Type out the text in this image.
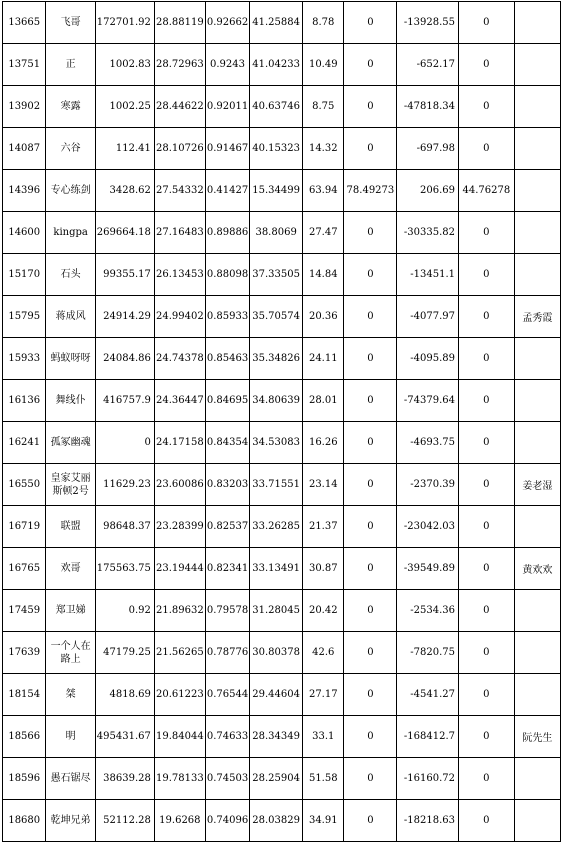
13665	飞哥	172701.92	28.88119	0.92662	41.25884	8.78	0	-13928.55	0	
13751	正	1002.83	28.72963	0.9243	41.04233	10.49	0	-652.17	0	
13902	寒露	1002.25	28.44622	0.92011	40.63746	8.75	0	-47818.34	0	
14087	六谷	112.41	28.10726	0.91467	40.15323	14.32	0	-697.98	0	
14396	专心练剑	3428.62	27.54332	0.41427	15.34499	63.94	78.49273	206.69	44.76278	
14600	kingpa	269664.18	27.16483	0.89886	38.8069	27.47	0	-30335.82	0	
15170	石头	99355.17	26.13453	0.88098	37.33505	14.84	0	-13451.1	0	
15795	蒋成风	24914.29	24.99402	0.85933	35.70574	20.36	0	-4077.97	0	孟秀霞
15933	蚂蚁呀呀	24084.86	24.74378	0.85463	35.34826	24.11	0	-4095.89	0	
16136	舞线仆	416757.9	24.36447	0.84695	34.80639	28.01	0	-74379.64	0	
16241	孤冢幽魂	0	24.17158	0.84354	34.53083	16.26	0	-4693.75	0	
16550	皇家艾丽斯顿2号	11629.23	23.60086	0.83203	33.71551	23.14	0	-2370.39	0	姜老湿
16719	联盟	98648.37	23.28399	0.82537	33.26285	21.37	0	-23042.03	0	
16765	欢哥	175563.75	23.19444	0.82341	33.13491	30.87	0	-39549.89	0	黄欢欢
17459	郑卫娣	0.92	21.89632	0.79578	31.28045	20.42	0	-2534.36	0	
17639	一个人在路上	47179.25	21.56265	0.78776	30.80378	42.6	0	-7820.75	0	
18154	桀	4818.69	20.61223	0.76544	29.44604	27.17	0	-4541.27	0	
18566	明	495431.67	19.84044	0.74633	28.34349	33.1	0	-168412.7	0	阮先生
18596	愚石锯尽	38639.28	19.78133	0.74503	28.25904	51.58	0	-16160.72	0	
18680	乾坤兄弟	52112.28	19.6268	0.74096	28.03829	34.91	0	-18218.63	0	
